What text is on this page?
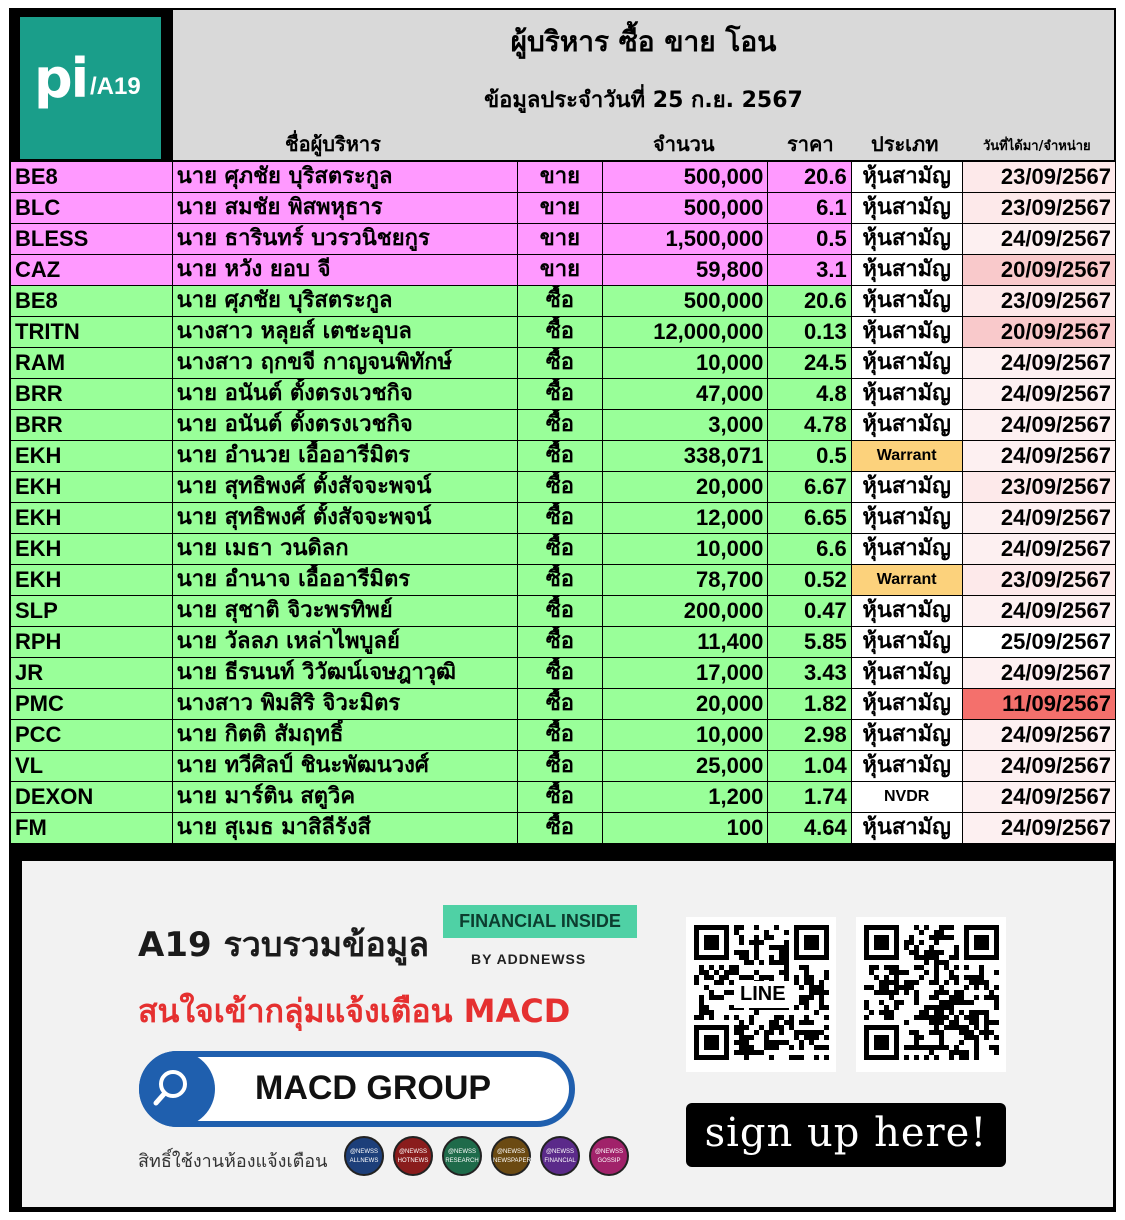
pi /A19
ผู้บริหาร ซื้อ ขาย โอน
ข้อมูลประจำวันที่ 25 ก.ย. 2567
ชื่อผู้บริหาร	จำนวน	ราคา ประเภท	วันที่ได้มา/จำหน่าย
BE8	นาย ศุภชัย บุริสตระกูล	ขาย	500,000	20.6	หุ้นสามัญ	23/09/2567
BLC	นาย สมชัย พิสพหุธาร	ขาย	500,000	6.1	หุ้นสามัญ	23/09/2567
BLESS	นาย ธารินทร์ บวรวนิชยกูร	ขาย	1,500,000	0.5	หุ้นสามัญ	24/09/2567
CAZ	นาย หวัง ยอบ จี	ขาย	59,800	3.1	หุ้นสามัญ	20/09/2567
BE8	นาย ศุภชัย บุริสตระกูล	ซื้อ	500,000	20.6	หุ้นสามัญ	23/09/2567
TRITN	นางสาว หลุยส์ เตชะอุบล	ซื้อ	12,000,000	0.13	หุ้นสามัญ	20/09/2567
RAM	นางสาว ฤกขจี กาญจนพิทักษ์	ซื้อ	10,000	24.5	หุ้นสามัญ	24/09/2567
BRR	นาย อนันต์ ตั้งตรงเวชกิจ	ซื้อ	47,000	4.8	หุ้นสามัญ	24/09/2567
BRR	นาย อนันต์ ตั้งตรงเวชกิจ	ซื้อ	3,000	4.78	หุ้นสามัญ	24/09/2567
EKH	นาย อำนวย เอื้ออารีมิตร	ซื้อ	338,071	0.5	Warrant	24/09/2567
EKH	นาย สุทธิพงศ์ ตั้งสัจจะพจน์	ซื้อ	20,000	6.67	หุ้นสามัญ	23/09/2567
EKH	นาย สุทธิพงศ์ ตั้งสัจจะพจน์	ซื้อ	12,000	6.65	หุ้นสามัญ	24/09/2567
EKH	นาย เมธา วนดิลก	ซื้อ	10,000	6.6	หุ้นสามัญ	24/09/2567
EKH	นาย อำนาจ เอื้ออารีมิตร	ซื้อ	78,700	0.52	Warrant	23/09/2567
SLP	นาย สุชาติ จิวะพรทิพย์	ซื้อ	200,000	0.47	หุ้นสามัญ	24/09/2567
RPH	นาย วัลลภ เหล่าไพบูลย์	ซื้อ	11,400	5.85	หุ้นสามัญ	25/09/2567
JR	นาย ธีรนนท์ วิวัฒน์เจษฎาวุฒิ	ซื้อ	17,000	3.43	หุ้นสามัญ	24/09/2567
PMC	นางสาว พิมสิริ จิวะมิตร	ซื้อ	20,000	1.82	หุ้นสามัญ	11/09/2567
PCC	นาย กิตติ สัมฤทธิ์	ซื้อ	10,000	2.98	หุ้นสามัญ	24/09/2567
VL	นาย ทวีศิลป์ ชินะพัฒนวงศ์	ซื้อ	25,000	1.04	หุ้นสามัญ	24/09/2567
DEXON	นาย มาร์ติน สตูวิค	ซื้อ	1,200	1.74	NVDR	24/09/2567
FM	นาย สุเมธ มาสิลีรังสี	ซื้อ	100	4.64	หุ้นสามัญ	24/09/2567
A19 รวบรวมข้อมูล
FINANCIAL INSIDE
BY ADDNEWSS
สนใจเข้ากลุ่มแจ้งเตือน MACD
MACD GROUP
สิทธิ์ใช้งานห้องแจ้งเตือน	@NEWSS
ALLNEWS
@NEWSS
HOTNEWS
@NEWSS
RESEARCH
@NEWSS
NEWSPAPER
@NEWSS
FINANCIAL
@NEWSS
GOSSIP
LINE
sign up here!
